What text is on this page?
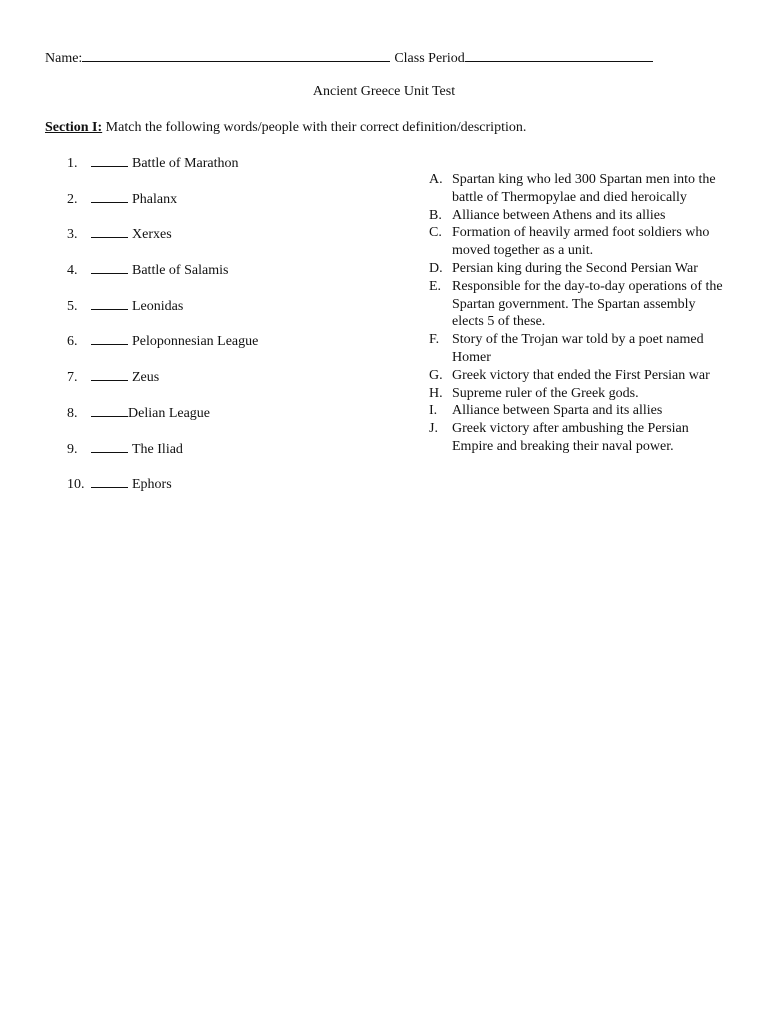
Name:	Class Period
Ancient Greece Unit Test
Section I: Match the following words/people with their correct definition/description.
1.	Battle of Marathon
2.	Phalanx
3.	Xerxes
4.	Battle of Salamis
5.	Leonidas
6.	Peloponnesian League
7.	Zeus
8.	Delian League
9.	The Iliad
10.	Ephors
A. Spartan king who led 300 Spartan men into the battle of Thermopylae and died heroically
B. Alliance between Athens and its allies
C. Formation of heavily armed foot soldiers who moved together as a unit.
D. Persian king during the Second Persian War
E. Responsible for the day-to-day operations of the Spartan government. The Spartan assembly elects 5 of these.
F. Story of the Trojan war told by a poet named Homer
G. Greek victory that ended the First Persian war
H. Supreme ruler of the Greek gods.
I.	Alliance between Sparta and its allies
J.	Greek victory after ambushing the Persian Empire and breaking their naval power.
